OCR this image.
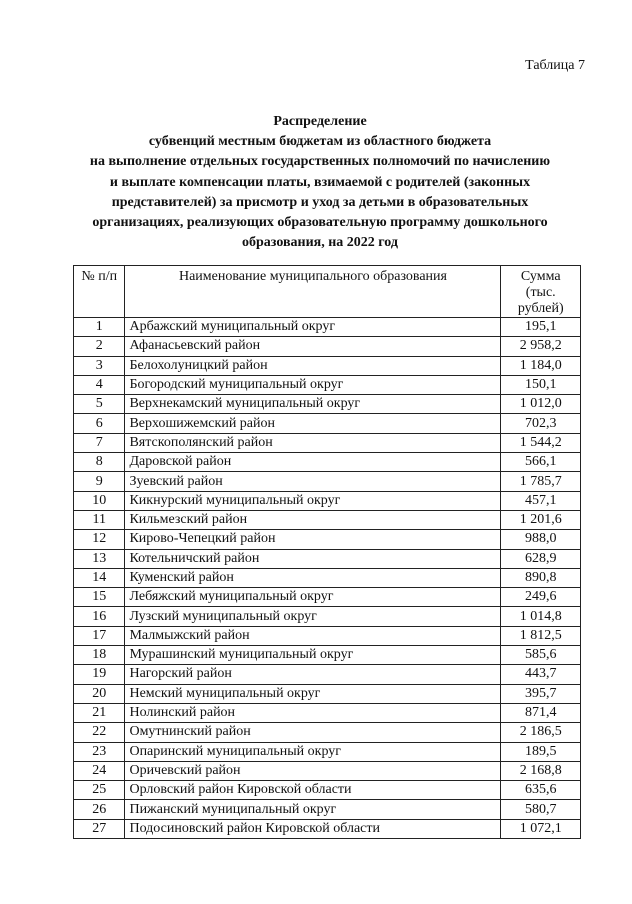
Таблица 7
Распределение
субвенций местным бюджетам из областного бюджета
на выполнение отдельных государственных полномочий по начислению
и выплате компенсации платы, взимаемой с родителей (законных
представителей) за присмотр и уход за детьми в образовательных
организациях, реализующих образовательную программу дошкольного
образования, на 2022 год
№ п/п	Наименование муниципального образования	Сумма
(тыс. рублей)

1	Арбажский муниципальный округ	195,1
2	Афанасьевский район	2 958,2
3	Белохолуницкий район	1 184,0
4	Богородский муниципальный округ	150,1
5	Верхнекамский муниципальный округ	1 012,0
6	Верхошижемский район	702,3
7	Вятскополянский район	1 544,2
8	Даровской район	566,1
9	Зуевский район	1 785,7
10	Кикнурский муниципальный округ	457,1
11	Кильмезский район	1 201,6
12	Кирово-Чепецкий район	988,0
13	Котельничский район	628,9
14	Куменский район	890,8
15	Лебяжский муниципальный округ	249,6
16	Лузский муниципальный округ	1 014,8
17	Малмыжский район	1 812,5
18	Мурашинский муниципальный округ	585,6
19	Нагорский район	443,7
20	Немский муниципальный округ	395,7
21	Нолинский район	871,4
22	Омутнинский район	2 186,5
23	Опаринский муниципальный округ	189,5
24	Оричевский район	2 168,8
25	Орловский район Кировской области	635,6
26	Пижанский муниципальный округ	580,7
27	Подосиновский район Кировской области	1 072,1
